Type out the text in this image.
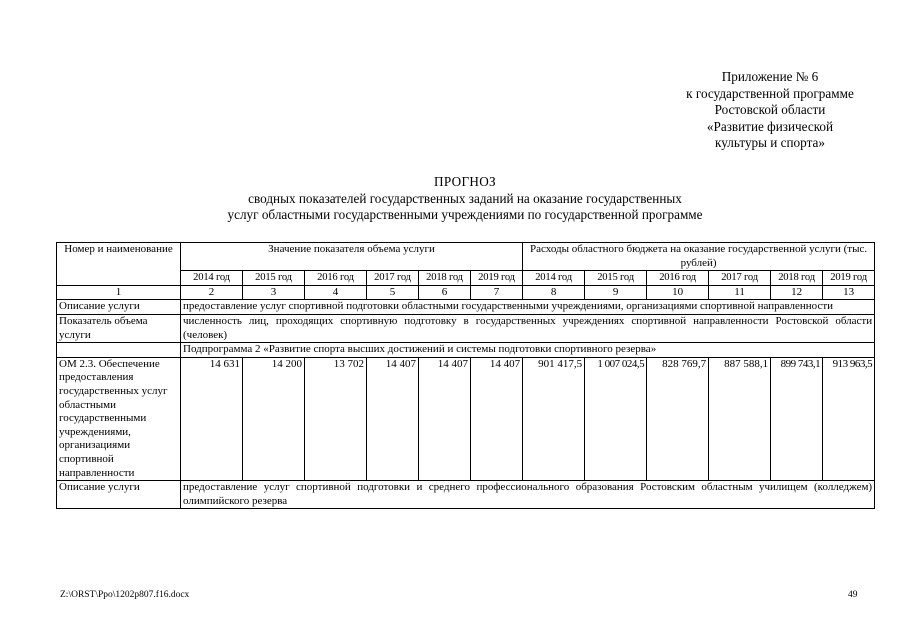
Приложение № 6
к государственной программе
Ростовской области
«Развитие физической
культуры и спорта»
ПРОГНОЗ
сводных показателей государственных заданий на оказание государственных
услуг областными государственными учреждениями по государственной программе
Номер и наименование	Значение показателя объема услуги						Расходы областного бюджета на оказание государственной услуги (тыс. рублей)					
	2014 год	2015 год	2016 год	2017 год	2018 год	2019 год	2014 год	2015 год	2016 год	2017 год	2018 год	2019 год
1	2	3	4	5	6	7	8	9	10	11	12	13
Описание услуги	предоставление услуг спортивной подготовки областными государственными учреждениями, организациями спортивной направленности											
Показатель объема услуги	численность лиц, проходящих спортивную подготовку в государственных учреждениях спортивной направленности Ростовской области (человек)											
	Подпрограмма 2 «Развитие спорта высших достижений и системы подготовки спортивного резерва»											
ОМ 2.3. Обеспечение предоставления государственных услуг областными государственными учреждениями, организациями спортивной направленности	14 631	14 200	13 702	14 407	14 407	14 407	901 417,5	1 007 024,5	828 769,7	887 588,1	899 743,1	913 963,5
Описание услуги	предоставление услуг спортивной подготовки и среднего профессионального образования Ростовским областным училищем (колледжем) олимпийского резерва											
Z:\ORST\Ppo\1202p807.f16.docx	49
